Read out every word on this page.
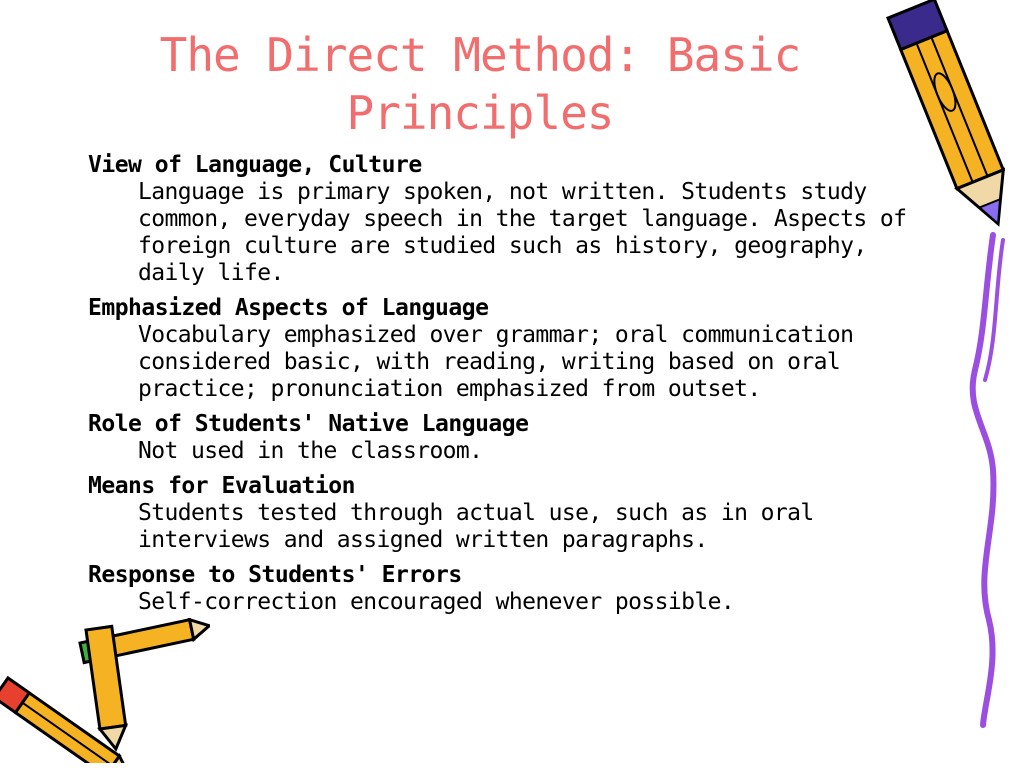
The Direct Method: Basic Principles
View of Language, Culture
Language is primary spoken, not written. Students study common, everyday speech in the target language. Aspects of foreign culture are studied such as history, geography, daily life.
Emphasized Aspects of Language
Vocabulary emphasized over grammar; oral communication considered basic, with reading, writing based on oral practice; pronunciation emphasized from outset.
Role of Students' Native Language
Not used in the classroom.
Means for Evaluation
Students tested through actual use, such as in oral interviews and assigned written paragraphs.
Response to Students' Errors
Self-correction encouraged whenever possible.
